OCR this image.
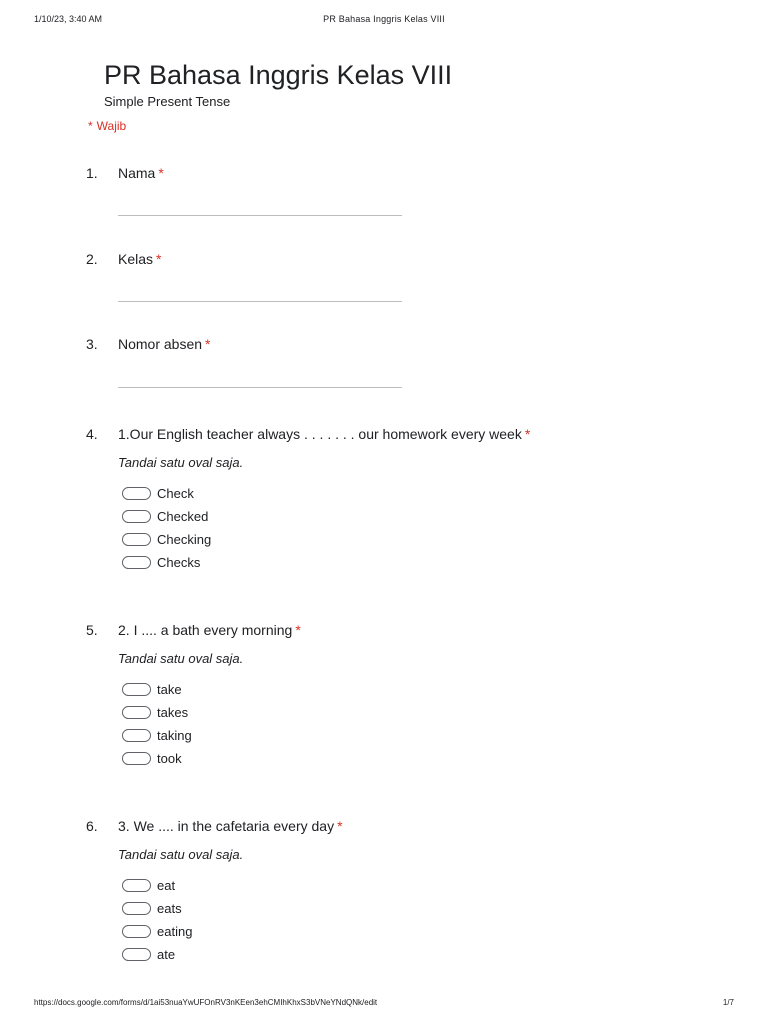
1/10/23, 3:40 AM	PR Bahasa Inggris Kelas VIII
PR Bahasa Inggris Kelas VIII
Simple Present Tense
* Wajib
1. Nama *
2. Kelas *
3. Nomor absen *
4. 1.Our English teacher always . . . . . . . our homework every week *
Tandai satu oval saja.
Check
Checked
Checking
Checks
5. 2. I .... a bath every morning *
Tandai satu oval saja.
take
takes
taking
took
6. 3. We .... in the cafetaria every day *
Tandai satu oval saja.
eat
eats
eating
ate
https://docs.google.com/forms/d/1ai53nuaYwUFOnRV3nKEen3ehCMIhKhxS3bVNeYNdQNk/edit	1/7
